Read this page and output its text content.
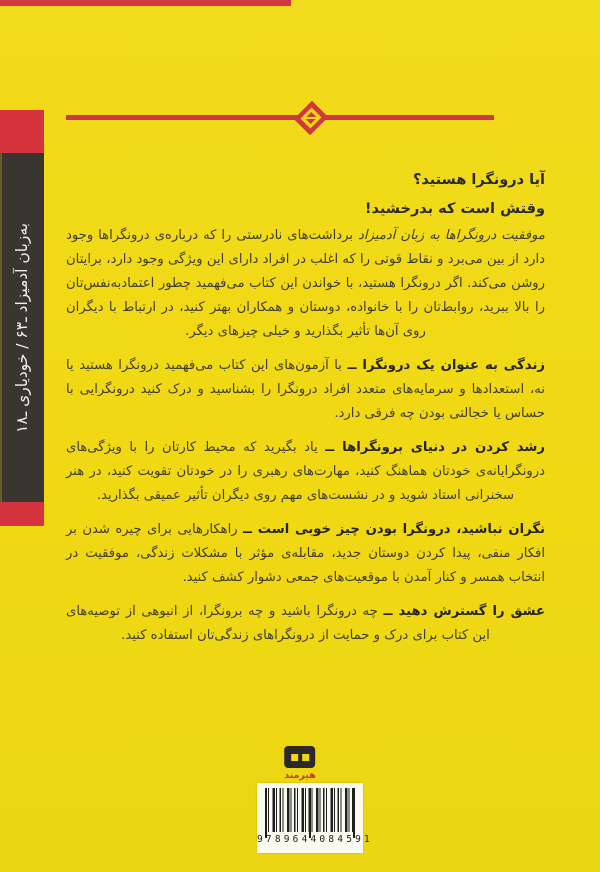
به‌زبان آدمیزاد ـ۶۳ / خودیاری ـ۱۸
آیا درونگرا هستید؟
وقتش است که بدرخشید!

موفقیت درونگراها به زبان آدمیزاد برداشت‌های نادرستی را که درباره‌ی درونگراها وجود دارد از بین می‌برد و نقاط قوتی را که اغلب در افراد دارای این ویژگی وجود دارد، برایتان روشن می‌کند. اگر درونگرا هستید، با خواندن این کتاب می‌فهمید چطور اعتمادبه‌نفس‌تان را بالا ببرید، روابط‌تان را با خانواده، دوستان و همکاران بهتر کنید، در ارتباط با دیگران روی آن‌ها تأثیر بگذارید و خیلی چیزهای دیگر.

زندگی به عنوان یک درونگرا ــ با آزمون‌های این کتاب می‌فهمید درونگرا هستید یا نه، استعدادها و سرمایه‌های متعدد افراد درونگرا را بشناسید و درک کنید درونگرایی با حساس یا خجالتی بودن چه فرقی دارد.

رشد کردن در دنیای برونگراها ــ یاد بگیرید که محیط کارتان را با ویژگی‌های درونگرایانه‌ی خودتان هماهنگ کنید، مهارت‌های رهبری را در خودتان تقویت کنید، در هنر سخنرانی استاد شوید و در نشست‌های مهم روی دیگران تأثیر عمیقی بگذارید.

نگران نباشید، درونگرا بودن چیز خوبی است ــ راهکارهایی برای چیره شدن بر افکار منفی، پیدا کردن دوستان جدید، مقابله‌ی مؤثر با مشکلات زندگی، موفقیت در انتخاب همسر و کنار آمدن با موقعیت‌های جمعی دشوار کشف کنید.

عشق را گسترش دهید ــ چه درونگرا باشید و چه برونگرا، از انبوهی از توصیه‌های این کتاب برای درک و حمایت از درونگراهای زندگی‌تان استفاده کنید.

هیرمند
9789644084591
